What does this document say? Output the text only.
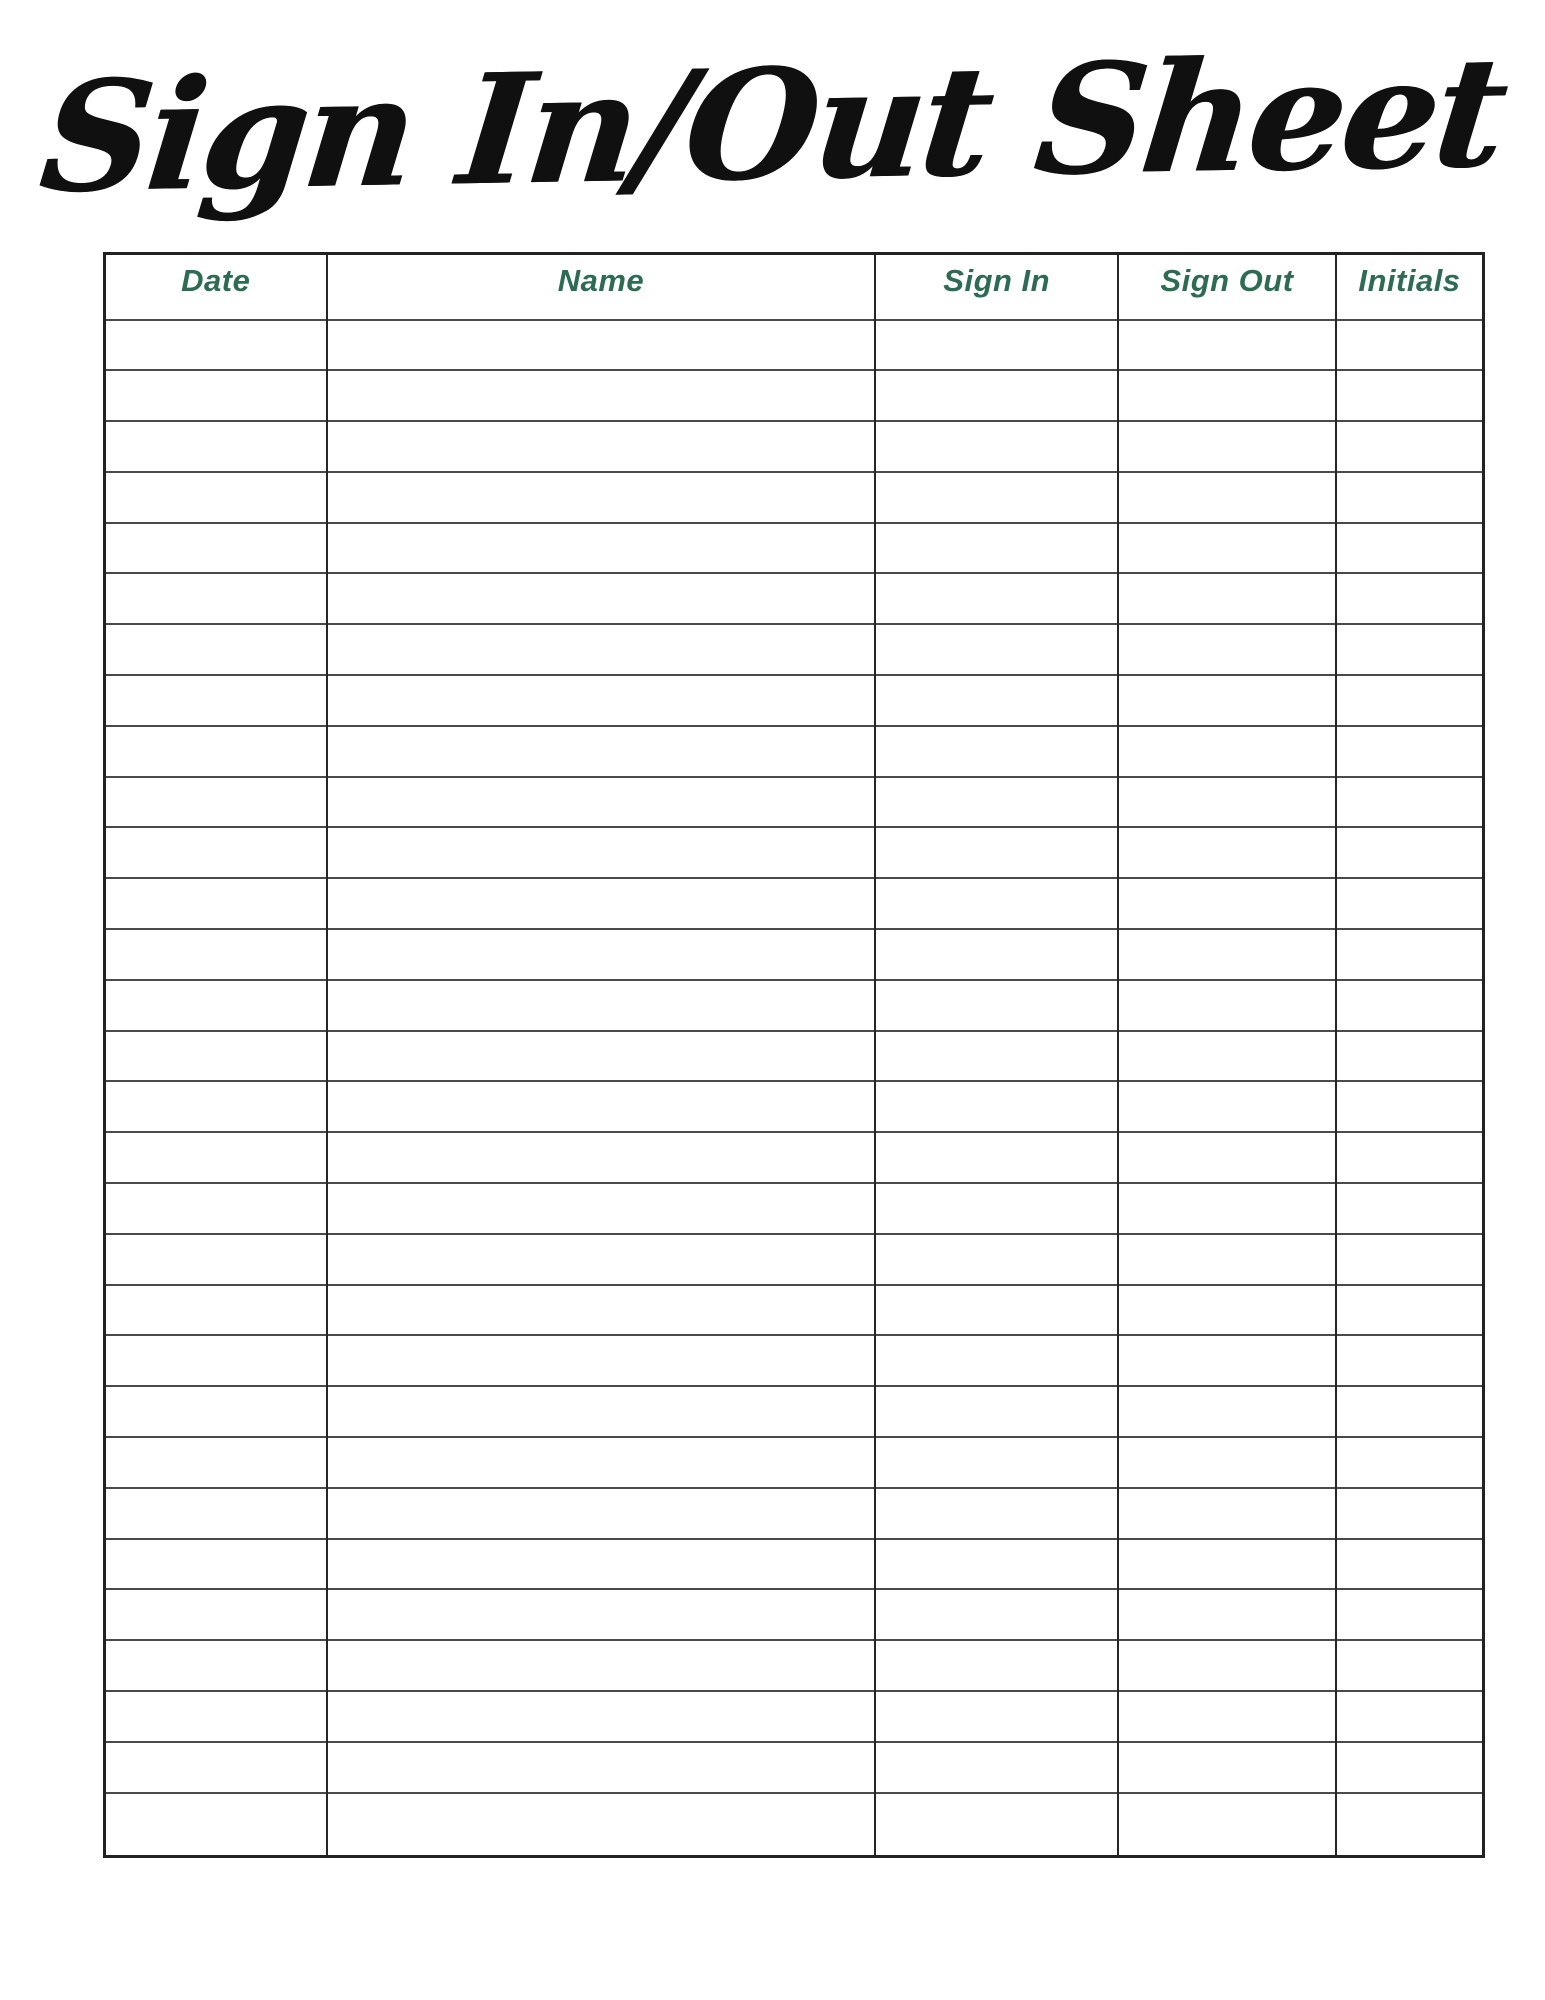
Sign In/Out Sheet
Date	Name	Sign In	Sign Out	Initials
